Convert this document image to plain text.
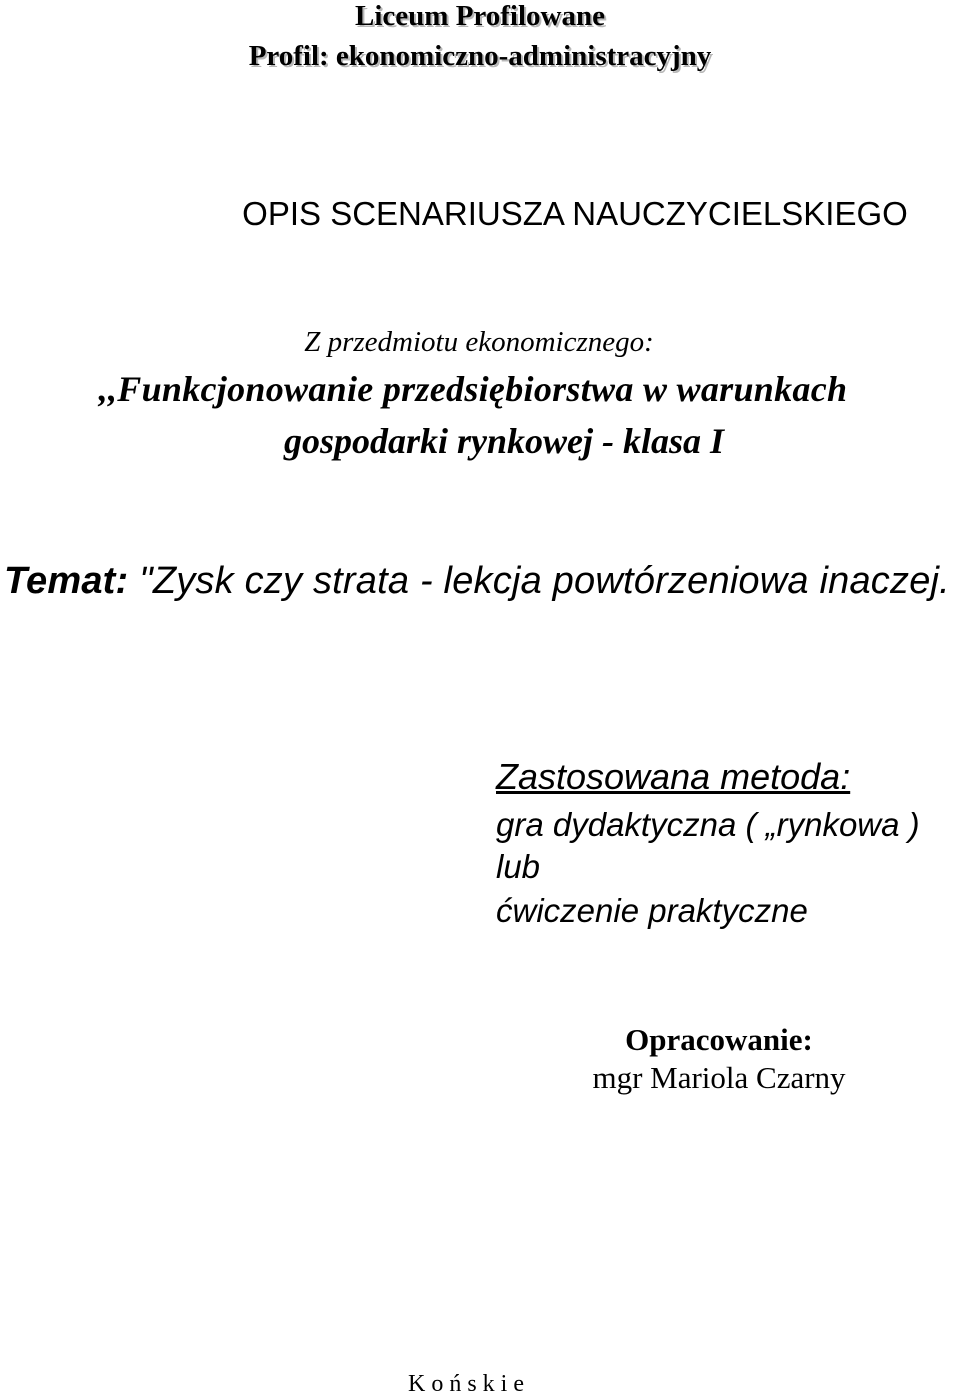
Liceum Profilowane
Profil: ekonomiczno-administracyjny
OPIS SCENARIUSZA NAUCZYCIELSKIEGO
Z przedmiotu ekonomicznego:
,,Funkcjonowanie przedsiębiorstwa w warunkach
gospodarki rynkowej - klasa I
Temat: "Zysk czy strata - lekcja powtórzeniowa inaczej.
Zastosowana metoda:
gra dydaktyczna ( „rynkowa )
lub
ćwiczenie praktyczne
Opracowanie:
mgr Mariola Czarny
Końskie
